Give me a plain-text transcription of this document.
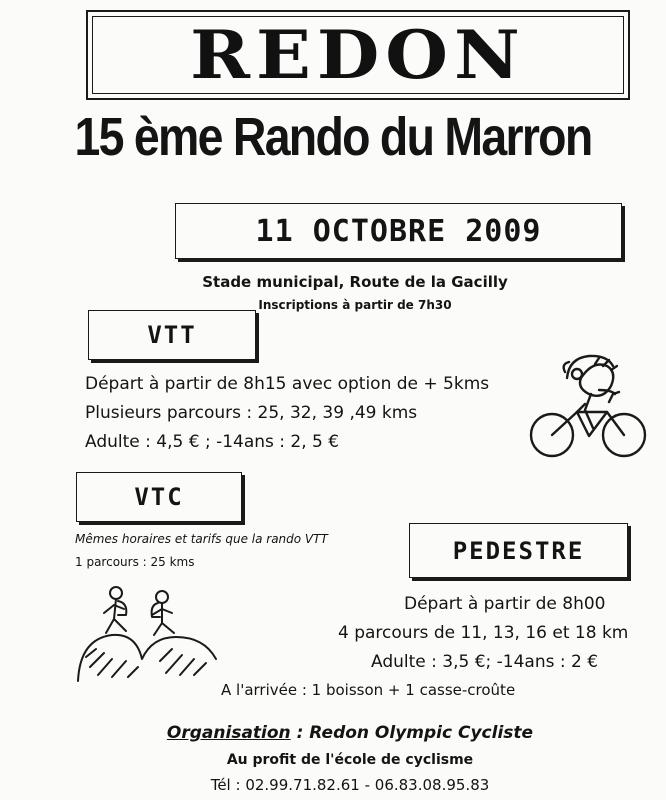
REDON
15 ème Rando du Marron
11 OCTOBRE 2009
Stade municipal, Route de la Gacilly
Inscriptions à partir de 7h30
VTT
Départ à partir de 8h15 avec option de + 5kms
Plusieurs parcours : 25, 32, 39 ,49 kms
Adulte : 4,5 € ; -14ans : 2, 5 €
VTC
Mêmes horaires et tarifs que la rando VTT
1 parcours : 25 kms	PEDESTRE
Départ à partir de 8h00
4 parcours de 11, 13, 16 et 18 km
Adulte : 3,5 €; -14ans : 2 €
A l'arrivée : 1 boisson + 1 casse-croûte
Organisation : Redon Olympic Cycliste
Au profit de l'école de cyclisme
Tél : 02.99.71.82.61 - 06.83.08.95.83
